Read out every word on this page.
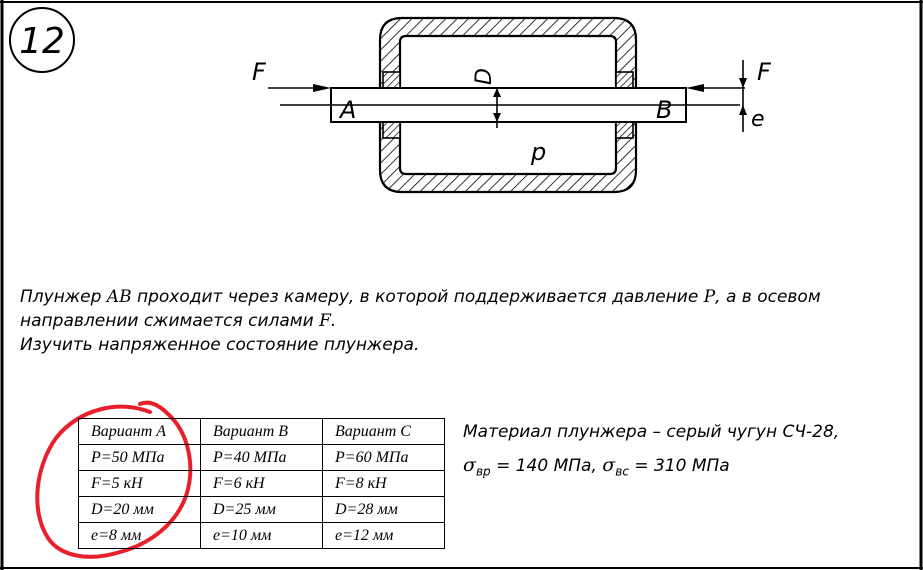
12
F	F
e
A	B
D
p
Плунжер AB проходит через камеру, в которой поддерживается давление P, а в осевом
направлении сжимается силами F.
Изучить напряженное состояние плунжера.
Вариант A	Вариант B	Вариант C
P=50 МПа	P=40 МПа	P=60 МПа
F=5 кН	F=6 кН	F=8 кН
D=20 мм	D=25 мм	D=28 мм
e=8 мм	e=10 мм	e=12 мм
Материал плунжера – серый чугун СЧ-28,
$\sigma_{вр} = 140$ МПа, $\sigma_{вс} = 310$ МПа
